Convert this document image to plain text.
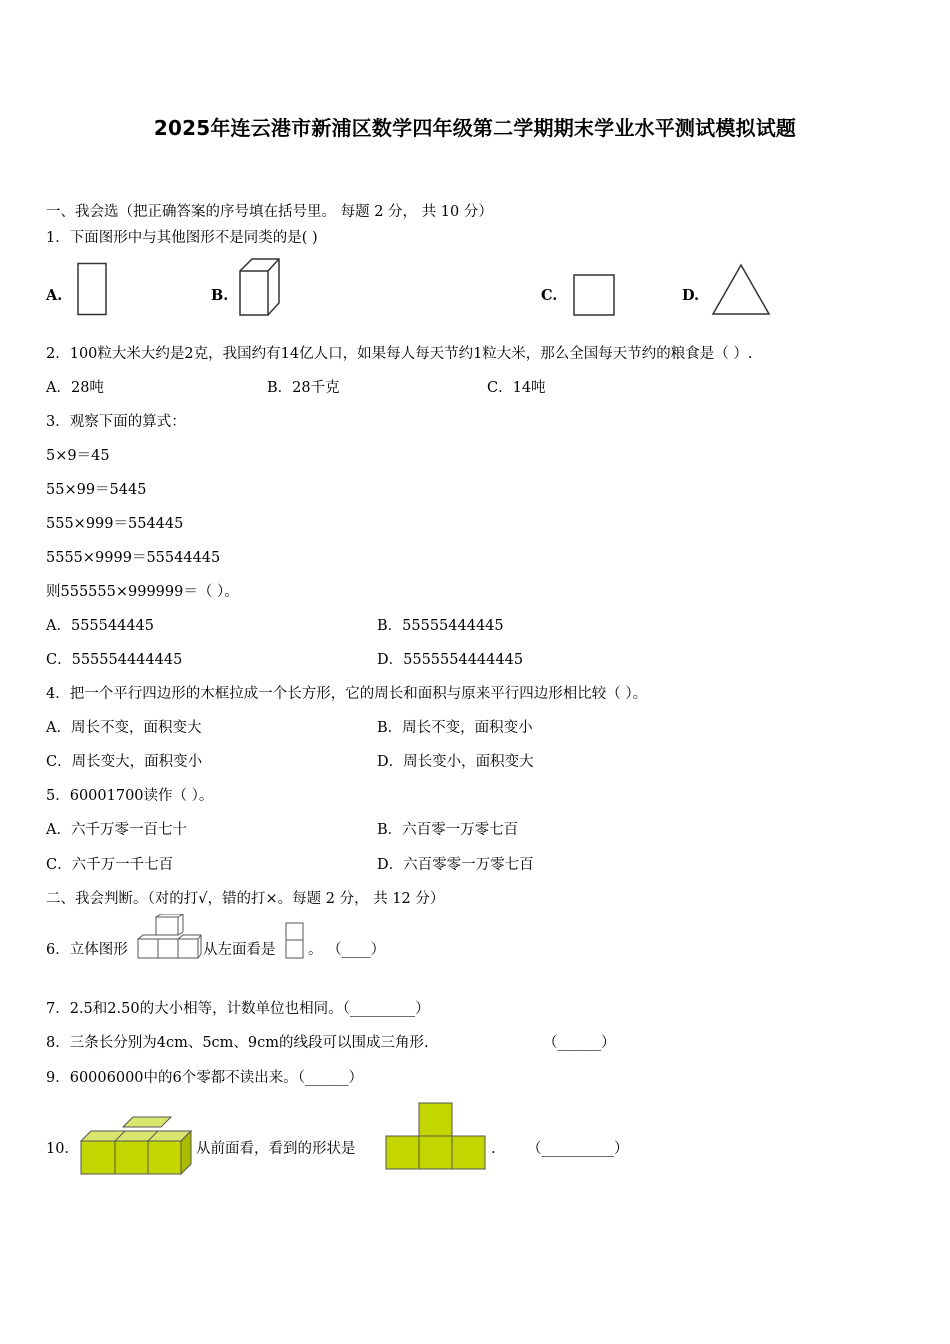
2025年连云港市新浦区数学四年级第二学期期末学业水平测试模拟试题
一、我会选（把正确答案的序号填在括号里。 每题 2 分， 共 10 分）
1．下面图形中与其他图形不是同类的是( )
A.	B.	C.	D.
2．100粒大米大约是2克，我国约有14亿人口，如果每人每天节约1粒大米，那么全国每天节约的粮食是（ ）.
A．28吨	B．28千克	C．14吨
3．观察下面的算式：
5×9＝45
55×99＝5445
555×999＝554445
5555×9999＝55544445
则555555×999999＝（ ）。
A．555544445	B．55555444445
C．555554444445	D．5555554444445
4．把一个平行四边形的木框拉成一个长方形，它的周长和面积与原来平行四边形相比较（ ）。
A．周长不变，面积变大	B．周长不变，面积变小
C．周长变大，面积变小	D．周长变小，面积变大
5．60001700读作（ ）。
A．六千万零一百七十	B．六百零一万零七百
C．六千万一千七百	D．六百零零一万零七百
二、我会判断。（对的打√，错的打×。每题 2 分， 共 12 分）
6．立体图形	从左面看是 。 （____）
7．2.5和2.50的大小相等，计数单位也相同。（_________）
8．三条长分别为4cm、5cm、9cm的线段可以围成三角形.	（______）
9．60006000中的6个零都不读出来。（______）
10．	从前面看，看到的形状是	. （__________）
